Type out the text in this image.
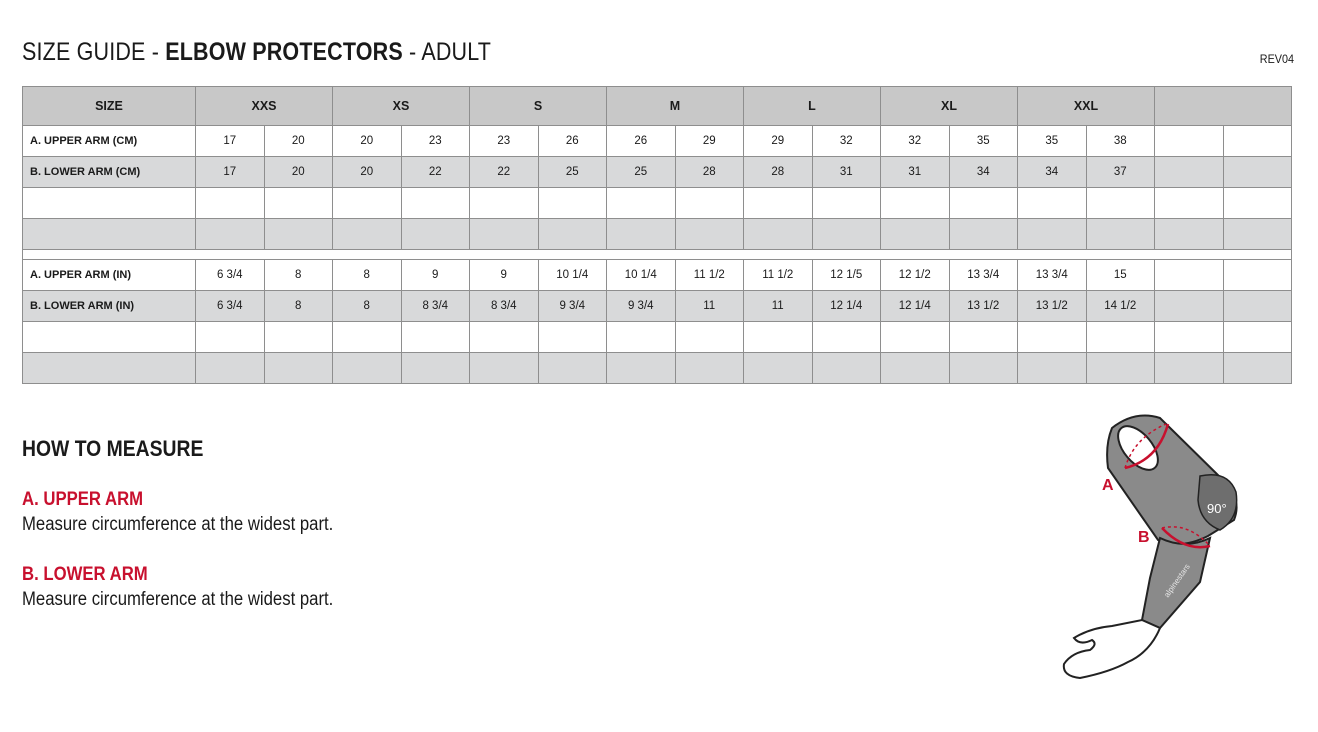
SIZE GUIDE - ELBOW PROTECTORS - ADULT	REV04
SIZE	XXS		XS		S		M		L		XL		XXL			
A. UPPER ARM (CM)	17	20	20	23	23	26	26	29	29	32	32	35	35	38		
B. LOWER ARM (CM)	17	20	20	22	22	25	25	28	28	31	31	34	34	37		

A. UPPER ARM (IN)	6 3/4	8	8	9	9	10 1/4	10 1/4	11 1/2	11 1/2	12 1/5	12 1/2	13 3/4	13 3/4	15		
B. LOWER ARM (IN)	6 3/4	8	8	8 3/4	8 3/4	9 3/4	9 3/4	11	11	12 1/4	12 1/4	13 1/2	13 1/2	14 1/2		

HOW TO MEASURE
A. UPPER ARM
Measure circumference at the widest part.
B. LOWER ARM
Measure circumference at the widest part.
alpinestars
A
B
90°
